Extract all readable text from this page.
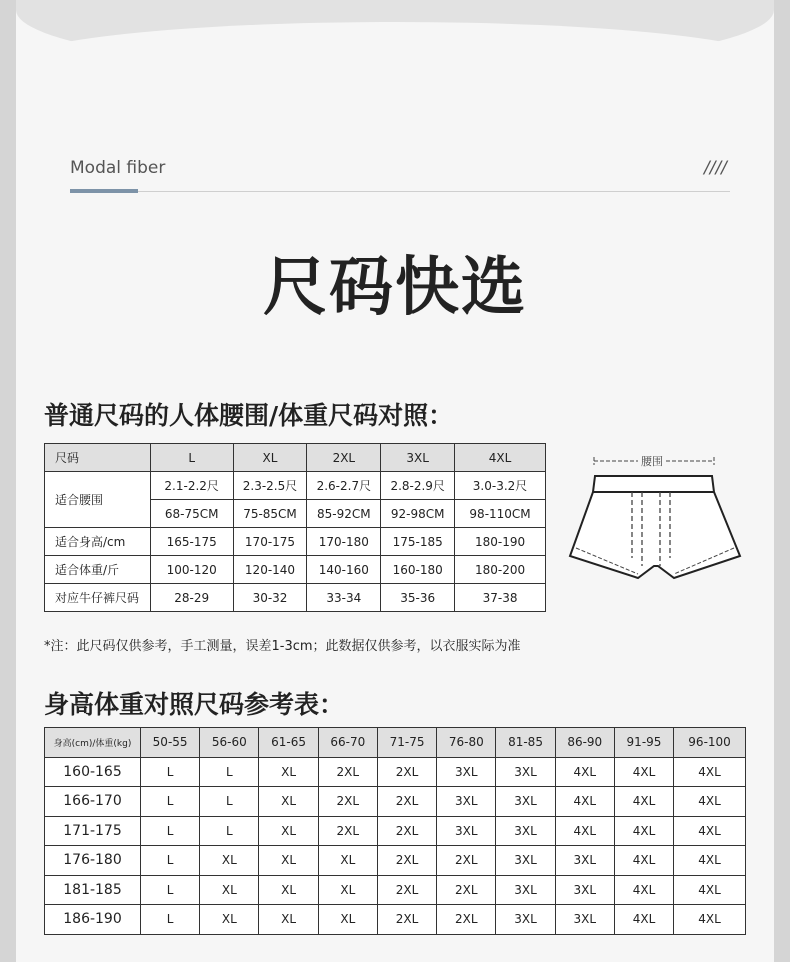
Modal fiber	////
尺码快选
普通尺码的人体腰围/体重尺码对照：
尺码	L	XL	2XL	3XL	4XL
适合腰围	2.1-2.2尺	2.3-2.5尺	2.6-2.7尺	2.8-2.9尺	3.0-3.2尺
	68-75CM	75-85CM	85-92CM	92-98CM	98-110CM
适合身高/cm	165-175	170-175	170-180	175-185	180-190
适合体重/斤	100-120	120-140	140-160	160-180	180-200
对应牛仔裤尺码	28-29	30-32	33-34	35-36	37-38
腰围
*注：此尺码仅供参考，手工测量，误差1-3cm；此数据仅供参考，以衣服实际为准
身高体重对照尺码参考表：
身高(cm)/体重(kg)	50-55	56-60	61-65	66-70	71-75	76-80	81-85	86-90	91-95	96-100
160-165	L	L	XL	2XL	2XL	3XL	3XL	4XL	4XL	4XL
166-170	L	L	XL	2XL	2XL	3XL	3XL	4XL	4XL	4XL
171-175	L	L	XL	2XL	2XL	3XL	3XL	4XL	4XL	4XL
176-180	L	XL	XL	XL	2XL	2XL	3XL	3XL	4XL	4XL
181-185	L	XL	XL	XL	2XL	2XL	3XL	3XL	4XL	4XL
186-190	L	XL	XL	XL	2XL	2XL	3XL	3XL	4XL	4XL
